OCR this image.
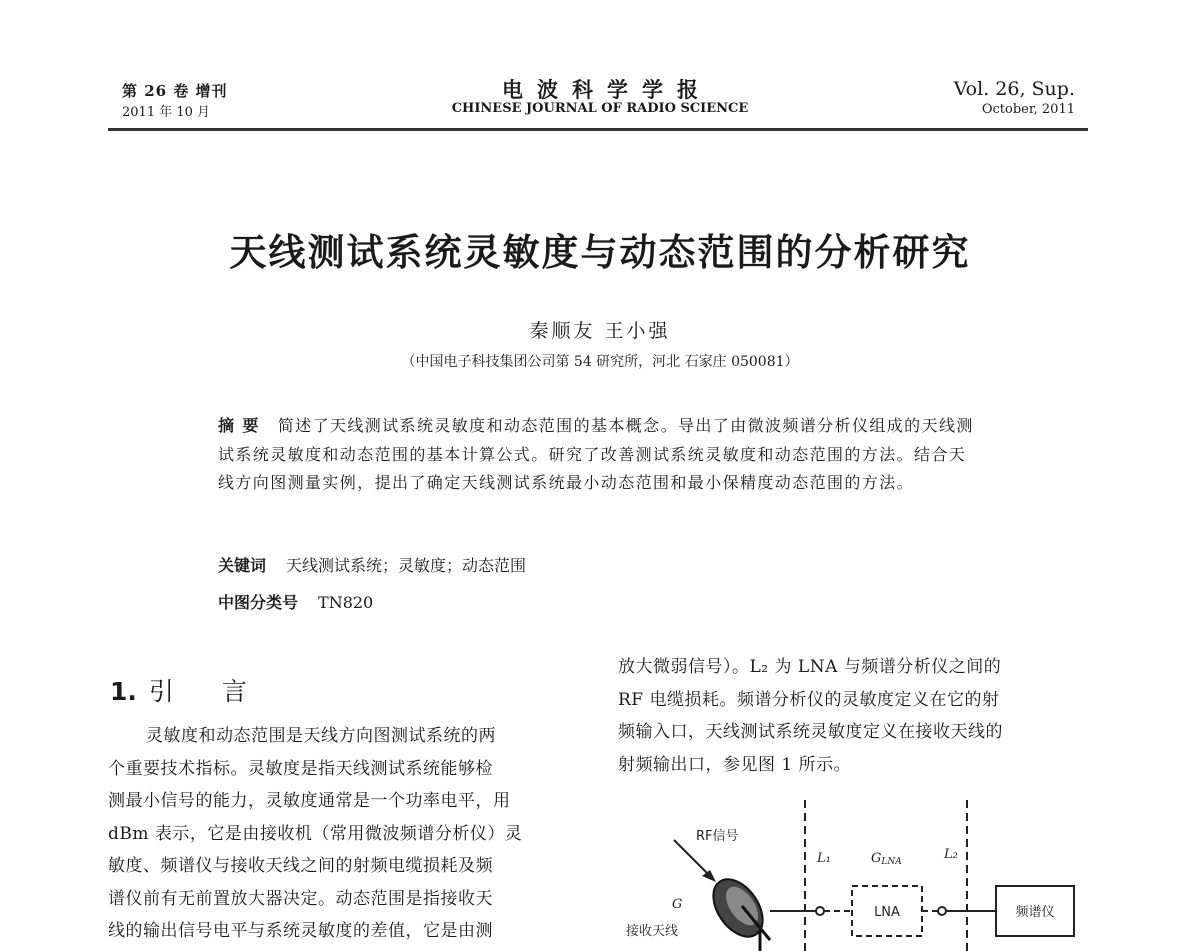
第 26 卷 增刊
2011 年 10 月
电波科学学报
CHINESE JOURNAL OF RADIO SCIENCE
Vol. 26, Sup.
October, 2011
天线测试系统灵敏度与动态范围的分析研究
秦顺友 王小强
（中国电子科技集团公司第 54 研究所，河北 石家庄 050081）
摘 要 简述了天线测试系统灵敏度和动态范围的基本概念。导出了由微波频谱分析仪组成的天线测试系统灵敏度和动态范围的基本计算公式。研究了改善测试系统灵敏度和动态范围的方法。结合天线方向图测量实例，提出了确定天线测试系统最小动态范围和最小保精度动态范围的方法。
关键词 天线测试系统；灵敏度；动态范围
中图分类号 TN820
1. 引 言
灵敏度和动态范围是天线方向图测试系统的两
个重要技术指标。灵敏度是指天线测试系统能够检
测最小信号的能力，灵敏度通常是一个功率电平，用
dBm 表示，它是由接收机（常用微波频谱分析仪）灵
敏度、频谱仪与接收天线之间的射频电缆损耗及频
谱仪前有无前置放大器决定。动态范围是指接收天
线的输出信号电平与系统灵敏度的差值，它是由测
放大微弱信号）。L₂ 为 LNA 与频谱分析仪之间的
RF 电缆损耗。频谱分析仪的灵敏度定义在它的射
频输入口，天线测试系统灵敏度定义在接收天线的
射频输出口，参见图 1 所示。
RF信号
L₁	GLNA	L₂
G
接收天线
LNA	频谱仪
